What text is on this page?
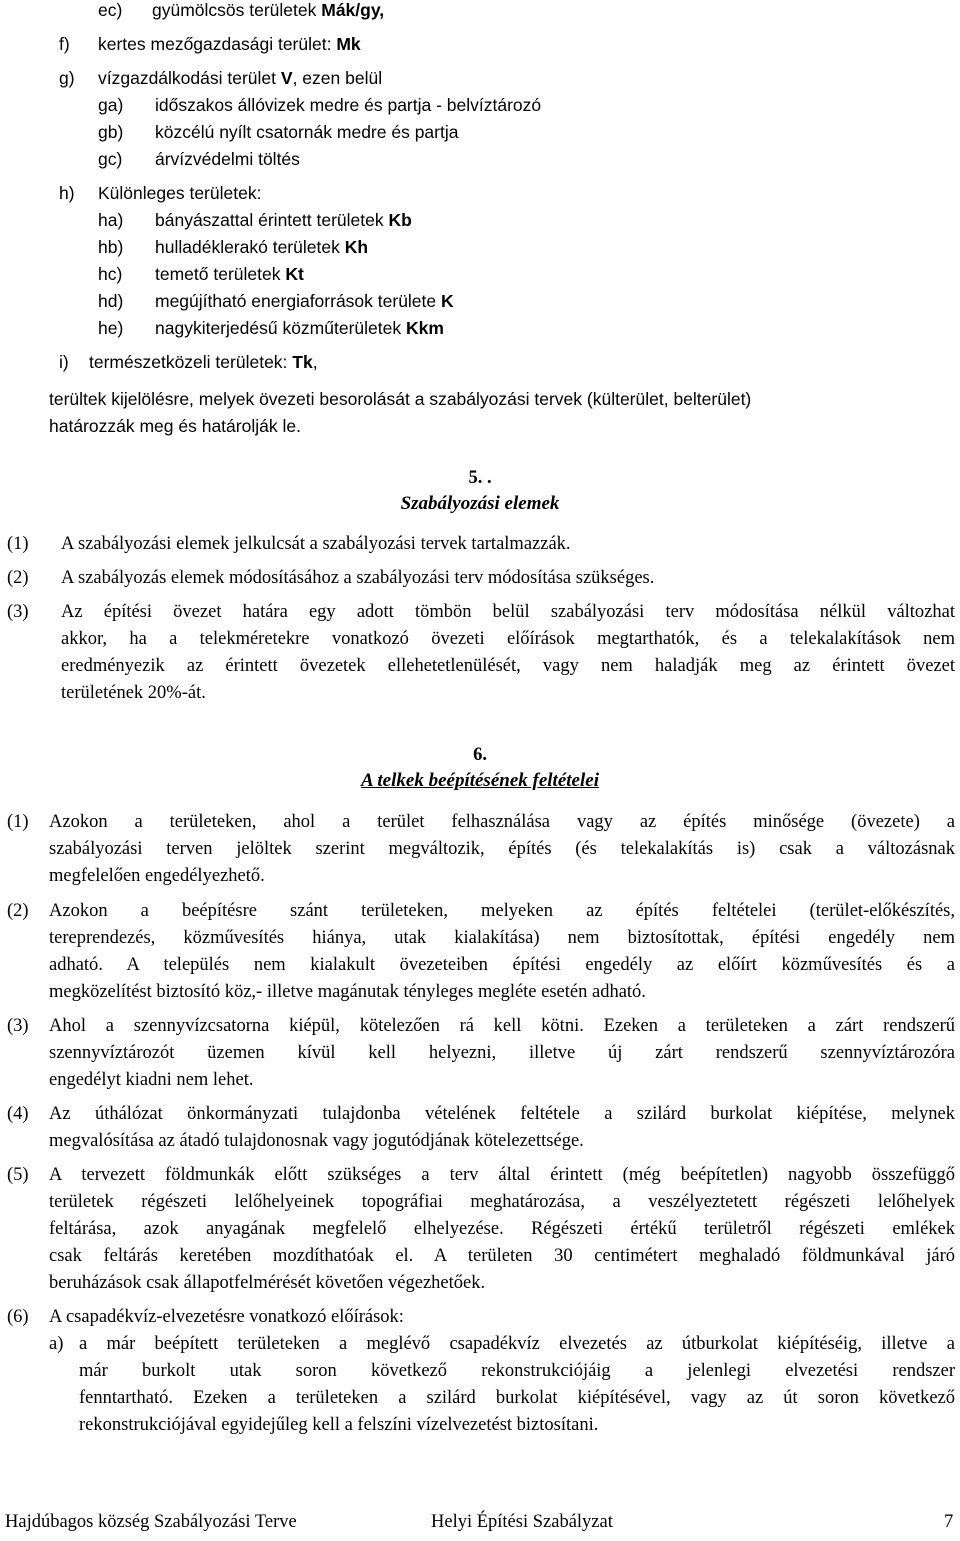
ec) gyümölcsös területek Mák/gy,
f) kertes mezőgazdasági terület: Mk
g) vízgazdálkodási terület V, ezen belül
ga) időszakos állóvizek medre és partja - belvíztározó
gb) közcélú nyílt csatornák medre és partja
gc) árvízvédelmi töltés
h) Különleges területek:
ha) bányászattal érintett területek Kb
hb) hulladéklerakó területek Kh
hc) temető területek Kt
hd) megújítható energiaforrások területe K
he) nagykiterjedésű közműterületek Kkm
i) természetközeli területek: Tk,
terültek kijelölésre, melyek övezeti besorolását a szabályozási tervek (külterület, belterület)
határozzák meg és határolják le.
5. .
Szabályozási elemek
(1) A szabályozási elemek jelkulcsát a szabályozási tervek tartalmazzák.
(2) A szabályozás elemek módosításához a szabályozási terv módosítása szükséges.
(3) Az építési övezet határa egy adott tömbön belül szabályozási terv módosítása nélkül változhat
akkor, ha a telekméretekre vonatkozó övezeti előírások megtarthatók, és a telekalakítások nem
eredményezik az érintett övezetek ellehetetlenülését, vagy nem haladják meg az érintett övezet
területének 20%-át.
6.
A telkek beépítésének feltételei
(1) Azokon a területeken, ahol a terület felhasználása vagy az építés minősége (övezete) a
szabályozási terven jelöltek szerint megváltozik, építés (és telekalakítás is) csak a változásnak
megfelelően engedélyezhető.
(2) Azokon a beépítésre szánt területeken, melyeken az építés feltételei (terület-előkészítés,
tereprendezés, közművesítés hiánya, utak kialakítása) nem biztosítottak, építési engedély nem
adható. A település nem kialakult övezeteiben építési engedély az előírt közművesítés és a
megközelítést biztosító köz,- illetve magánutak tényleges megléte esetén adható.
(3) Ahol a szennyvízcsatorna kiépül, kötelezően rá kell kötni. Ezeken a területeken a zárt rendszerű
szennyvíztározót üzemen kívül kell helyezni, illetve új zárt rendszerű szennyvíztározóra
engedélyt kiadni nem lehet.
(4) Az úthálózat önkormányzati tulajdonba vételének feltétele a szilárd burkolat kiépítése, melynek
megvalósítása az átadó tulajdonosnak vagy jogutódjának kötelezettsége.
(5) A tervezett földmunkák előtt szükséges a terv által érintett (még beépítetlen) nagyobb összefüggő
területek régészeti lelőhelyeinek topográfiai meghatározása, a veszélyeztetett régészeti lelőhelyek
feltárása, azok anyagának megfelelő elhelyezése. Régészeti értékű területről régészeti emlékek
csak feltárás keretében mozdíthatóak el. A területen 30 centimétert meghaladó földmunkával járó
beruházások csak állapotfelmérését követően végezhetőek.
(6) A csapadékvíz-elvezetésre vonatkozó előírások:
a) a már beépített területeken a meglévő csapadékvíz elvezetés az útburkolat kiépítéséig, illetve a
már burkolt utak soron következő rekonstrukciójáig a jelenlegi elvezetési rendszer
fenntartható. Ezeken a területeken a szilárd burkolat kiépítésével, vagy az út soron következő
rekonstrukciójával egyidejűleg kell a felszíni vízelvezetést biztosítani.
Hajdúbagos község Szabályozási Terve	Helyi Építési Szabályzat	7
